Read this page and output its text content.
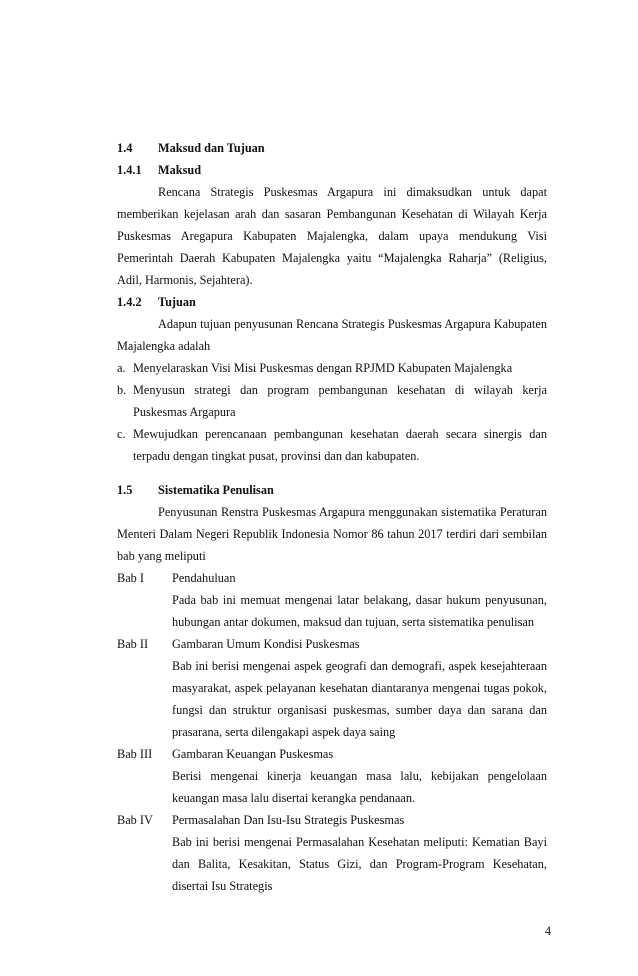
1.4	Maksud dan Tujuan
1.4.1	Maksud

Rencana Strategis Puskesmas Argapura ini dimaksudkan untuk dapat memberikan kejelasan arah dan sasaran Pembangunan Kesehatan di Wilayah Kerja Puskesmas Aregapura Kabupaten Majalengka, dalam upaya mendukung Visi Pemerintah Daerah Kabupaten Majalengka yaitu “Majalengka Raharja” (Religius, Adil, Harmonis, Sejahtera).

1.4.2	Tujuan

Adapun tujuan penyusunan Rencana Strategis Puskesmas Argapura Kabupaten Majalengka adalah

a. Menyelaraskan Visi Misi Puskesmas dengan RPJMD Kabupaten Majalengka
b. Menyusun strategi dan program pembangunan kesehatan di wilayah kerja Puskesmas Argapura
c. Mewujudkan perencanaan pembangunan kesehatan daerah secara sinergis dan terpadu dengan tingkat pusat, provinsi dan dan kabupaten.
1.5	Sistematika Penulisan

Penyusunan Renstra Puskesmas Argapura menggunakan sistematika Peraturan Menteri Dalam Negeri Republik Indonesia Nomor 86 tahun 2017 terdiri dari sembilan bab yang meliputi

Bab I	Pendahuluan

Pada bab ini memuat mengenai latar belakang, dasar hukum penyusunan, hubungan antar dokumen, maksud dan tujuan, serta sistematika penulisan

Bab II	Gambaran Umum Kondisi Puskesmas

Bab ini berisi mengenai aspek geografi dan demografi, aspek kesejahteraan masyarakat, aspek pelayanan kesehatan diantaranya mengenai tugas pokok, fungsi dan struktur organisasi puskesmas, sumber daya dan sarana dan prasarana, serta dilengakapi aspek daya saing

Bab III	Gambaran Keuangan Puskesmas

Berisi mengenai kinerja keuangan masa lalu, kebijakan pengelolaan keuangan masa lalu disertai kerangka pendanaan.

Bab IV	Permasalahan Dan Isu-Isu Strategis Puskesmas

Bab ini berisi mengenai Permasalahan Kesehatan meliputi: Kematian Bayi dan Balita, Kesakitan, Status Gizi, dan Program-Program Kesehatan, disertai Isu Strategis

4
